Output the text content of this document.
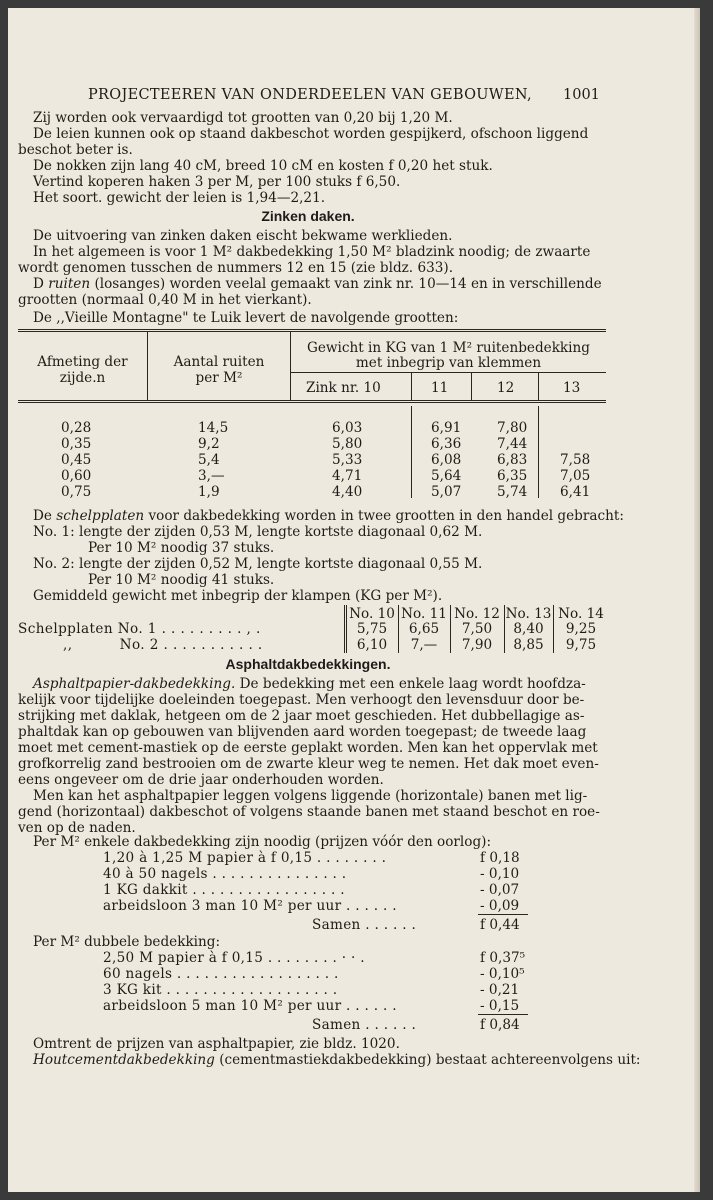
PROJECTEEREN VAN ONDERDEELEN VAN GEBOUWEN, 1001
Zij worden ook vervaardigd tot grootten van 0,20 bij 1,20 M.
De leien kunnen ook op staand dakbeschot worden gespijkerd, ofschoon liggend
beschot beter is.
De nokken zijn lang 40 cM, breed 10 cM en kosten f 0,20 het stuk.
Vertind koperen haken 3 per M, per 100 stuks f 6,50.
Het soort. gewicht der leien is 1,94—2,21.
Zinken daken.
De uitvoering van zinken daken eischt bekwame werklieden.
In het algemeen is voor 1 M² dakbedekking 1,50 M² bladzink noodig; de zwaarte
wordt genomen tusschen de nummers 12 en 15 (zie bldz. 633).
D ruiten (losanges) worden veelal gemaakt van zink nr. 10—14 en in verschillende
grootten (normaal 0,40 M in het vierkant).
De ,,Vieille Montagne" te Luik levert de navolgende grootten:
Afmeting der
zijde.n
Aantal ruiten
per M²
Gewicht in KG van 1 M² ruitenbedekking
met inbegrip van klemmen
Zink nr. 10	11	12	13
0,28	14,5	6,03	6,91	7,80
0,35	9,2	5,80	6,36	7,44
0,45	5,4	5,33	6,08	6,83 7,58
0,60	3,—	4,71	5,64	6,35 7,05
0,75	1,9	4,40	5,07	5,74 6,41
De schelpplaten voor dakbedekking worden in twee grootten in den handel gebracht:
No. 1: lengte der zijden 0,53 M, lengte kortste diagonaal 0,62 M.
Per 10 M² noodig 37 stuks.
No. 2: lengte der zijden 0,52 M, lengte kortste diagonaal 0,55 M.
Per 10 M² noodig 41 stuks.
Gemiddeld gewicht met inbegrip der klampen (KG per M²).
No. 10 No. 11 No. 12 No. 13 No. 14
Schelpplaten No. 1 . . . . . . . . . , .	5,75	6,65	7,50	8,40	9,25
,,          No. 2 . . . . . . . . . . .	6,10	7,—	7,90	8,85	9,75
Asphaltdakbedekkingen.
Asphaltpapier-dakbedekking. De bedekking met een enkele laag wordt hoofdza-
kelijk voor tijdelijke doeleinden toegepast. Men verhoogt den levensduur door be-
strijking met daklak, hetgeen om de 2 jaar moet geschieden. Het dubbellagige as-
phaltdak kan op gebouwen van blijvenden aard worden toegepast; de tweede laag
moet met cement-mastiek op de eerste geplakt worden. Men kan het oppervlak met
grofkorrelig zand bestrooien om de zwarte kleur weg te nemen. Het dak moet even-
eens ongeveer om de drie jaar onderhouden worden.
Men kan het asphaltpapier leggen volgens liggende (horizontale) banen met lig-
gend (horizontaal) dakbeschot of volgens staande banen met staand beschot en roe-
ven op de naden.
Per M² enkele dakbedekking zijn noodig (prijzen vóór den oorlog):
1,20 à 1,25 M papier à f 0,15 . . . . . . . .	f 0,18
40 à 50 nagels . . . . . . . . . . . . . . .	- 0,10
1 KG dakkit . . . . . . . . . . . . . . . . .	- 0,07
arbeidsloon 3 man 10 M² per uur . . . . . .	- 0,09
Samen . . . . . .	f 0,44
Per M² dubbele bedekking:
2,50 M papier à f 0,15 . . . . . . . . · · .	f 0,37⁵
60 nagels . . . . . . . . . . . . . . . . . .	- 0,10⁵
3 KG kit . . . . . . . . . . . . . . . . . . .	- 0,21
arbeidsloon 5 man 10 M² per uur . . . . . .	- 0,15
Samen . . . . . .	f 0,84
Omtrent de prijzen van asphaltpapier, zie bldz. 1020.
Houtcementdakbedekking (cementmastiekdakbedekking) bestaat achtereenvolgens uit:
